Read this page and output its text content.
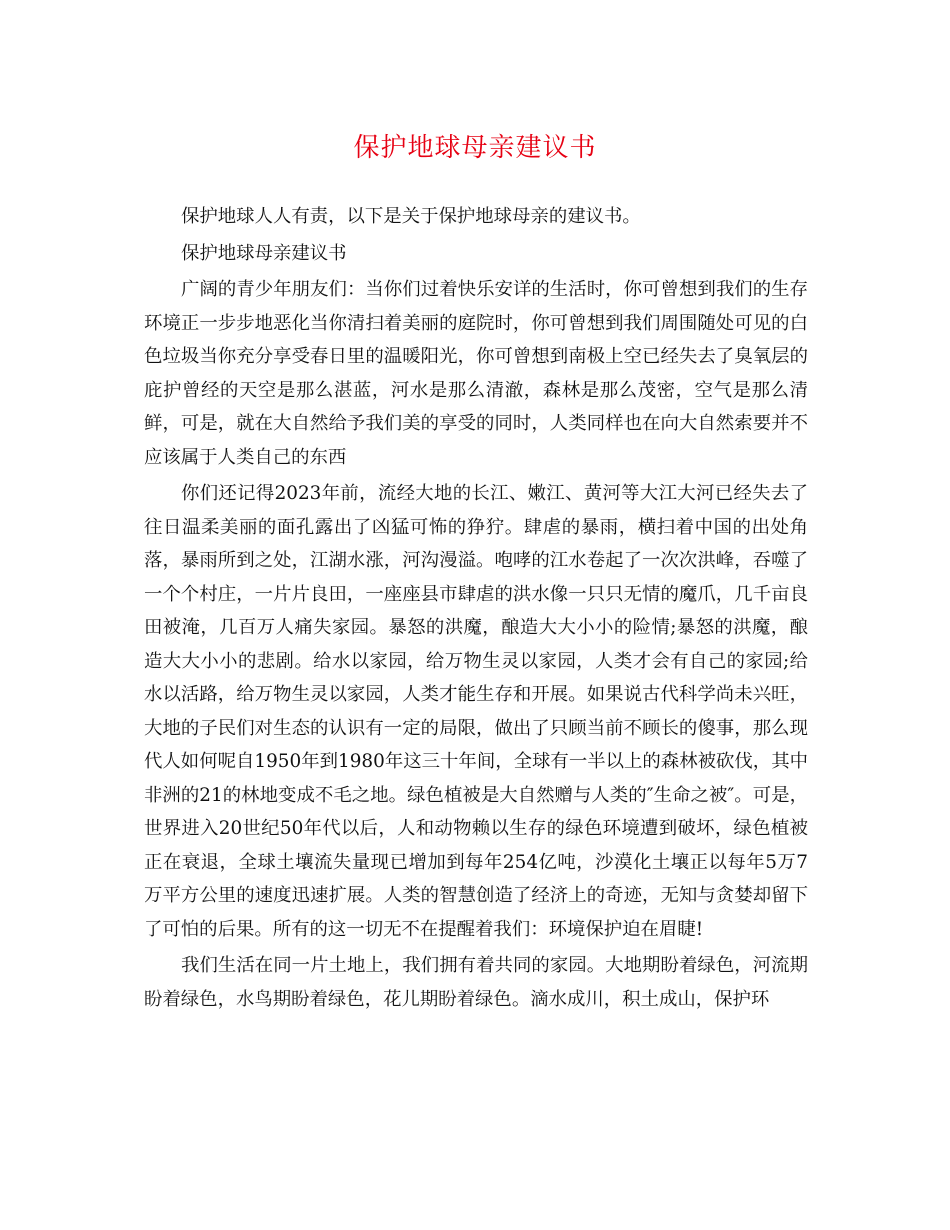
保护地球母亲建议书

保护地球人人有责，以下是关于保护地球母亲的建议书。

保护地球母亲建议书

广阔的青少年朋友们：当你们过着快乐安详的生活时，你可曾想到我们的生存环境正一步步地恶化当你清扫着美丽的庭院时，你可曾想到我们周围随处可见的白色垃圾当你充分享受春日里的温暖阳光，你可曾想到南极上空已经失去了臭氧层的庇护曾经的天空是那么湛蓝，河水是那么清澈，森林是那么茂密，空气是那么清鲜，可是，就在大自然给予我们美的享受的同时，人类同样也在向大自然索要并不应该属于人类自己的东西

你们还记得2023年前，流经大地的长江、嫩江、黄河等大江大河已经失去了往日温柔美丽的面孔露出了凶猛可怖的狰狞。肆虐的暴雨，横扫着中国的出处角落，暴雨所到之处，江湖水涨，河沟漫溢。咆哮的江水卷起了一次次洪峰，吞噬了一个个村庄，一片片良田，一座座县市肆虐的洪水像一只只无情的魔爪，几千亩良田被淹，几百万人痛失家园。暴怒的洪魔，酿造大大小小的险情;暴怒的洪魔，酿造大大小小的悲剧。给水以家园，给万物生灵以家园，人类才会有自己的家园;给水以活路，给万物生灵以家园，人类才能生存和开展。如果说古代科学尚未兴旺，大地的子民们对生态的认识有一定的局限，做出了只顾当前不顾长的傻事，那么现代人如何呢自1950年到1980年这三十年间，全球有一半以上的森林被砍伐，其中非洲的21的林地变成不毛之地。绿色植被是大自然赠与人类的″生命之被″。可是，世界进入20世纪50年代以后，人和动物赖以生存的绿色环境遭到破坏，绿色植被正在衰退，全球土壤流失量现已增加到每年254亿吨，沙漠化土壤正以每年5万7万平方公里的速度迅速扩展。人类的智慧创造了经济上的奇迹，无知与贪婪却留下了可怕的后果。所有的这一切无不在提醒着我们：环境保护迫在眉睫!

我们生活在同一片土地上，我们拥有着共同的家园。大地期盼着绿色，河流期盼着绿色，水鸟期盼着绿色，花儿期盼着绿色。滴水成川，积土成山，保护环
